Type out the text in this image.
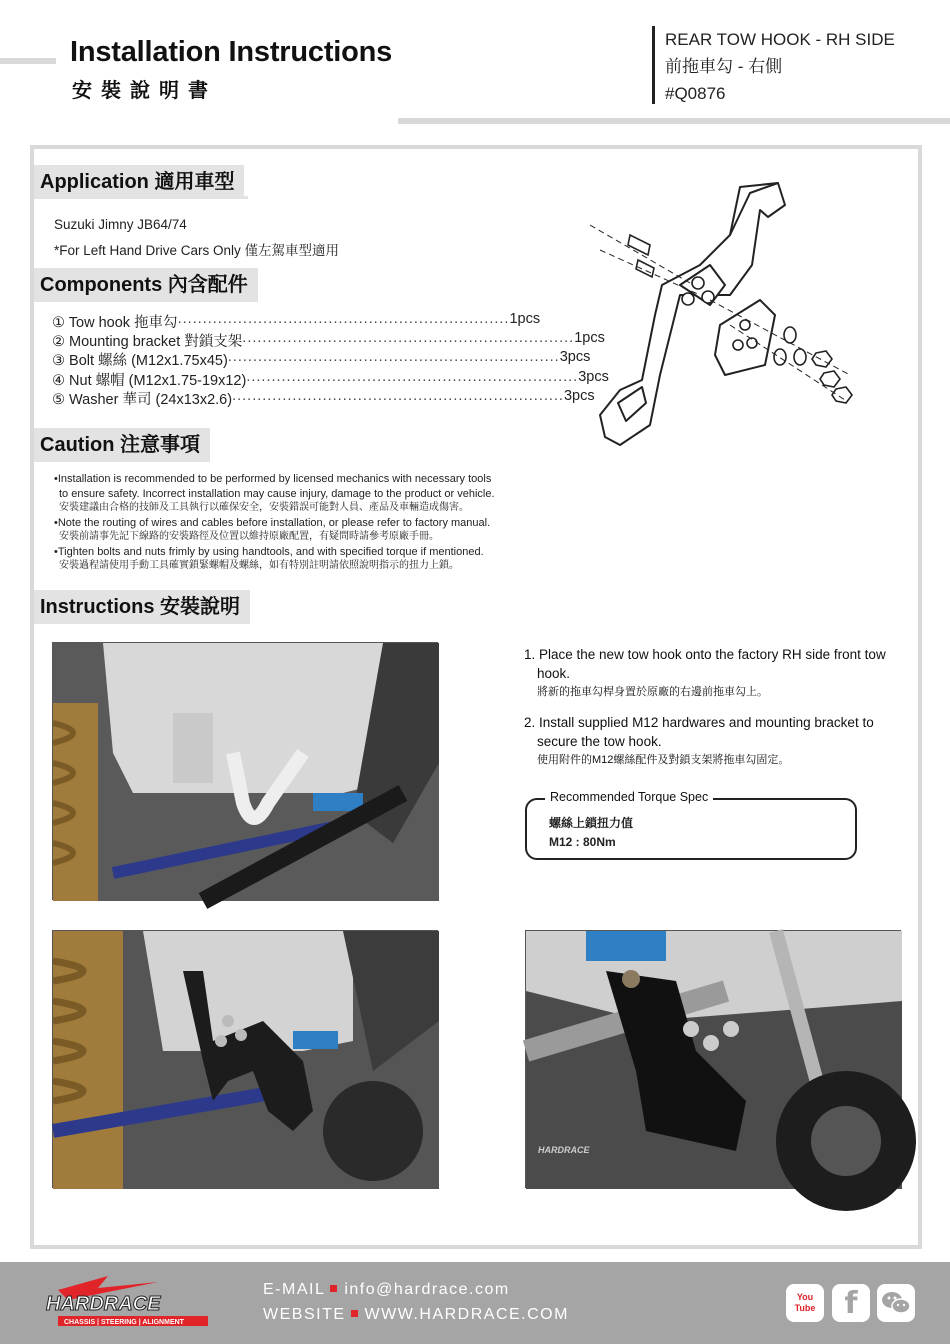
Installation Instructions
安裝說明書
REAR TOW HOOK - RH SIDE
前拖車勾 - 右側
#Q0876
Application 適用車型
Suzuki Jimny JB64/74
*For Left Hand Drive Cars Only 僅左駕車型適用
Components 內含配件
① Tow hook 拖車勾 .................................................................. 1pcs
② Mounting bracket 對鎖支架 .................................................................. 1pcs
③ Bolt 螺絲 (M12x1.75x45) .................................................................. 3pcs
④ Nut 螺帽 (M12x1.75-19x12) .................................................................. 3pcs
⑤ Washer 華司 (24x13x2.6) .................................................................. 3pcs
Caution 注意事項
•Installation is recommended to be performed by licensed mechanics with necessary tools
to ensure safety. Incorrect installation may cause injury, damage to the product or vehicle.
安裝建議由合格的技師及工具執行以確保安全，安裝錯誤可能對人員、產品及車輛造成傷害。
•Note the routing of wires and cables before installation, or please refer to factory manual.
安裝前請事先記下線路的安裝路徑及位置以維持原廠配置，有疑問時請參考原廠手冊。
•Tighten bolts and nuts frimly by using handtools, and with specified torque if mentioned.
安裝過程請使用手動工具確實鎖緊螺帽及螺絲，如有特別註明請依照說明指示的扭力上鎖。
Instructions 安裝說明
HARDRACE
1. Place the new tow hook onto the factory RH side front tow
hook.
將新的拖車勾桿身置於原廠的右邊前拖車勾上。
2. Install supplied M12 hardwares and mounting bracket to
secure the tow hook.
使用附件的M12螺絲配件及對鎖支架將拖車勾固定。
Recommended Torque Spec
螺絲上鎖扭力值
M12 : 80Nm
HARDRACE
CHASSIS | STEERING | ALIGNMENT
E-MAIL info@hardrace.com
WEBSITE WWW.HARDRACE.COM
You Tube f
